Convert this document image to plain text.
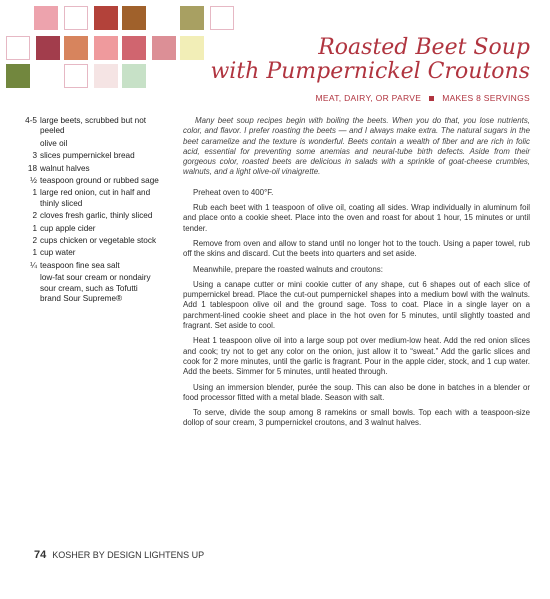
Roasted Beet Soup
with Pumpernickel Croutons
MEAT, DAIRY, OR PARVE MAKES 8 SERVINGS
4-5 large beets, scrubbed but not peeled
olive oil
3 slices pumpernickel bread
18 walnut halves
½ teaspoon ground or rubbed sage
1 large red onion, cut in half and thinly sliced
2 cloves fresh garlic, thinly sliced
1 cup apple cider
2 cups chicken or vegetable stock
1 cup water
¼ teaspoon fine sea salt
low-fat sour cream or nondairy sour cream, such as Tofutti brand Sour Supreme®

Many beet soup recipes begin with boiling the beets. When you do that, you lose nutrients, color, and flavor. I prefer roasting the beets — and I always make extra. The natural sugars in the beet caramelize and the texture is wonderful. Beets contain a wealth of fiber and are rich in folic acid, essential for preventing some anemias and neural-tube birth defects. Aside from their gorgeous color, roasted beets are delicious in salads with a sprinkle of goat-cheese crumbles, walnuts, and a light olive-oil vinaigrette.

Preheat oven to 400°F.

Rub each beet with 1 teaspoon of olive oil, coating all sides. Wrap individually in aluminum foil and place onto a cookie sheet. Place into the oven and roast for about 1 hour, 15 minutes or until tender.

Remove from oven and allow to stand until no longer hot to the touch. Using a paper towel, rub off the skins and discard. Cut the beets into quarters and set aside.

Meanwhile, prepare the roasted walnuts and croutons:

Using a canape cutter or mini cookie cutter of any shape, cut 6 shapes out of each slice of pumpernickel bread. Place the cut-out pumpernickel shapes into a medium bowl with the walnuts. Add 1 tablespoon olive oil and the ground sage. Toss to coat. Place in a single layer on a parchment-lined cookie sheet and place in the hot oven for 5 minutes, until slightly toasted and fragrant. Set aside to cool.

Heat 1 teaspoon olive oil into a large soup pot over medium-low heat. Add the red onion slices and cook; try not to get any color on the onion, just allow it to “sweat.” Add the garlic slices and cook for 2 more minutes, until the garlic is fragrant. Pour in the apple cider, stock, and 1 cup water. Add the beets. Simmer for 5 minutes, until heated through.

Using an immersion blender, purée the soup. This can also be done in batches in a blender or food processor fitted with a metal blade. Season with salt.

To serve, divide the soup among 8 ramekins or small bowls. Top each with a teaspoon-size dollop of sour cream, 3 pumpernickel croutons, and 3 walnut halves.

74 KOSHER BY DESIGN LIGHTENS UP
